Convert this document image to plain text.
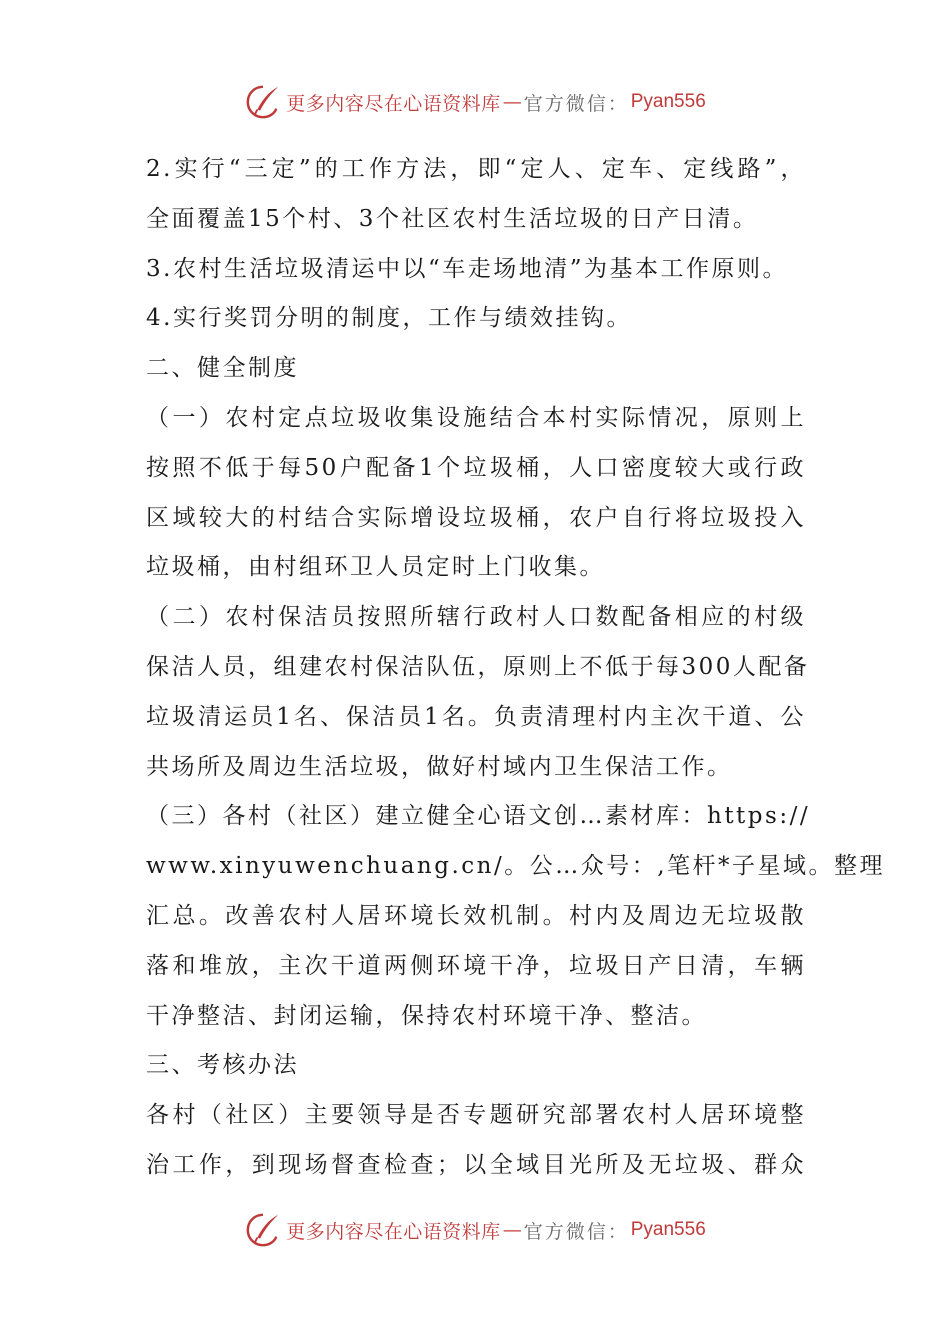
更多内容尽在心语资料库 — 官方微信： Pyan556
2.实行“三定”的工作方法，即“定人、定车、定线路”，
全面覆盖15个村、3个社区农村生活垃圾的日产日清。
3.农村生活垃圾清运中以“车走场地清”为基本工作原则。
4.实行奖罚分明的制度，工作与绩效挂钩。
二、健全制度
（一）农村定点垃圾收集设施结合本村实际情况，原则上
按照不低于每50户配备1个垃圾桶，人口密度较大或行政
区域较大的村结合实际增设垃圾桶，农户自行将垃圾投入
垃圾桶，由村组环卫人员定时上门收集。
（二）农村保洁员按照所辖行政村人口数配备相应的村级
保洁人员，组建农村保洁队伍，原则上不低于每300人配备
垃圾清运员1名、保洁员1名。负责清理村内主次干道、公
共场所及周边生活垃圾，做好村域内卫生保洁工作。
（三）各村（社区）建立健全心语文创…素材库：https://
www.xinyuwenchuang.cn/。公…众号：,笔杆*子星域。整理
汇总。改善农村人居环境长效机制。村内及周边无垃圾散
落和堆放，主次干道两侧环境干净，垃圾日产日清，车辆
干净整洁、封闭运输，保持农村环境干净、整洁。
三、考核办法
各村（社区）主要领导是否专题研究部署农村人居环境整
治工作，到现场督查检查；以全域目光所及无垃圾、群众
更多内容尽在心语资料库 — 官方微信： Pyan556
